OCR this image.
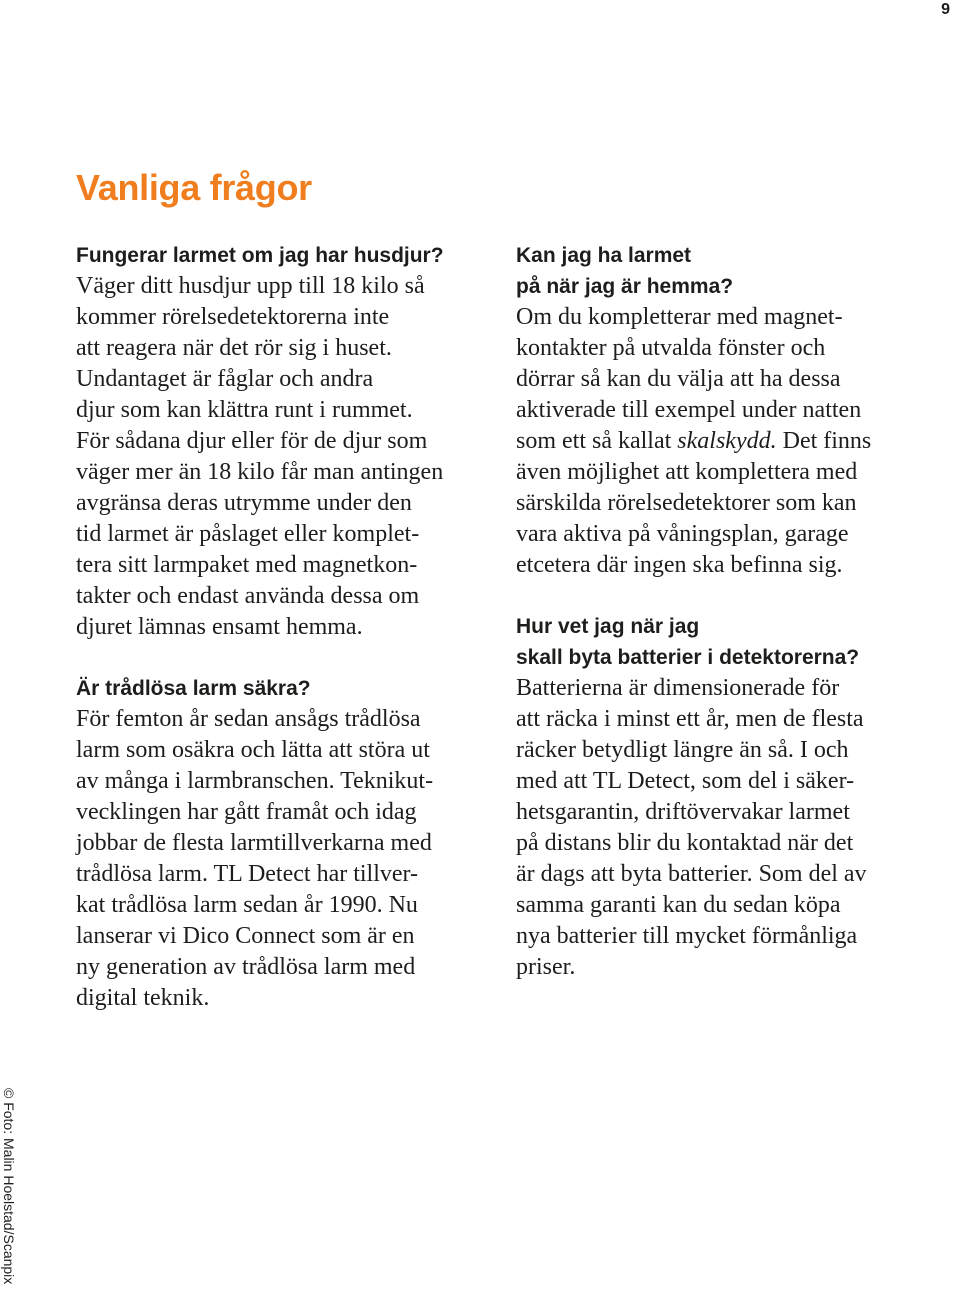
9
Vanliga frågor

Fungerar larmet om jag har husdjur?

Väger ditt husdjur upp till 18 kilo så
kommer rörelsedetektorerna inte
att reagera när det rör sig i huset.
Undantaget är fåglar och andra
djur som kan klättra runt i rummet.
För sådana djur eller för de djur som
väger mer än 18 kilo får man antingen
avgränsa deras utrymme under den
tid larmet är påslaget eller komplet-
tera sitt larmpaket med magnetkon-
takter och endast använda dessa om
djuret lämnas ensamt hemma.

Är trådlösa larm säkra?

För femton år sedan ansågs trådlösa
larm som osäkra och lätta att störa ut
av många i larmbranschen. Teknikut-
vecklingen har gått framåt och idag
jobbar de flesta larmtillverkarna med
trådlösa larm. TL Detect har tillver-
kat trådlösa larm sedan år 1990. Nu
lanserar vi Dico Connect som är en
ny generation av trådlösa larm med
digital teknik.

Kan jag ha larmet
på när jag är hemma?

Om du kompletterar med magnet-
kontakter på utvalda fönster och
dörrar så kan du välja att ha dessa
aktiverade till exempel under natten
som ett så kallat skalskydd. Det finns
även möjlighet att komplettera med
särskilda rörelsedetektorer som kan
vara aktiva på våningsplan, garage
etcetera där ingen ska befinna sig.

Hur vet jag när jag
skall byta batterier i detektorerna?

Batterierna är dimensionerade för
att räcka i minst ett år, men de flesta
räcker betydligt längre än så. I och
med att TL Detect, som del i säker-
hetsgarantin, driftövervakar larmet
på distans blir du kontaktad när det
är dags att byta batterier. Som del av
samma garanti kan du sedan köpa
nya batterier till mycket förmånliga
priser.

© Foto: Malin Hoelstad/Scanpix
